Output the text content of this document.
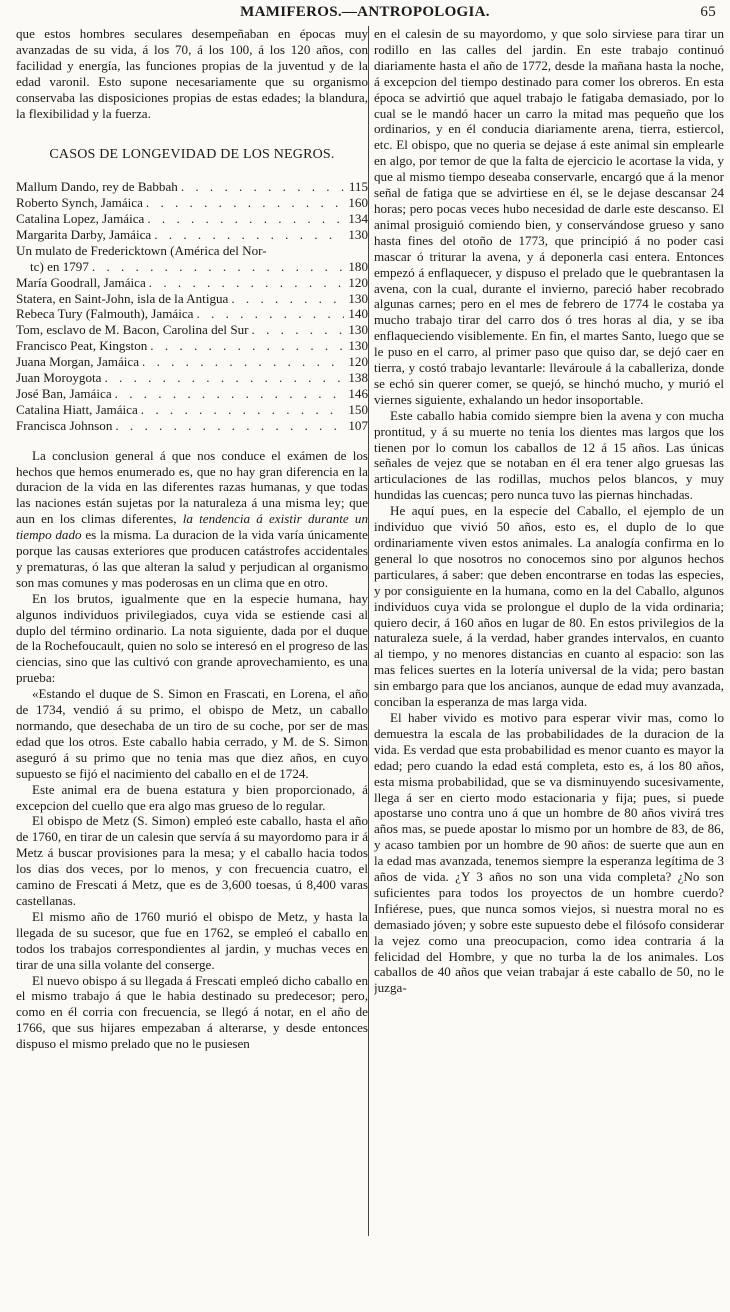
MAMIFEROS.—ANTROPOLOGIA.	65

que estos hombres seculares desempeñaban en épocas muy avanzadas de su vida, á los 70, á los 100, á los 120 años, con facilidad y energía, las funciones propias de la juventud y de la edad varonil. Esto supone necesariamente que su organismo conservaba las disposiciones propias de estas edades; la blandura, la flexibilidad y la fuerza.

CASOS DE LONGEVIDAD DE LOS NEGROS.
Mallum Dando, rey de Babbah . . .	115
Roberto Synch, Jamáica . . .	160
Catalina Lopez, Jamáica . . .	134
Margarita Darby, Jamáica . . .	130
Un mulato de Fredericktown (América del Nor-
tc) en 1797 . . .	180
María Goodrall, Jamáica . . .	120
Statera, en Saint-John, isla de la Antigua . . .	130
Rebeca Tury (Falmouth), Jamáica . . .	140
Tom, esclavo de M. Bacon, Carolina del Sur . . .	130
Francisco Peat, Kingston . . .	130
Juana Morgan, Jamáica . . .	120
Juan Moroygota . . .	138
José Ban, Jamáica . . .	146
Catalina Hiatt, Jamáica . . .	150
Francisca Johnson . . .	107

La conclusion general á que nos conduce el exámen de los hechos que hemos enumerado es, que no hay gran diferencia en la duracion de la vida en las diferentes razas humanas, y que todas las naciones están sujetas por la naturaleza á una misma ley; que aun en los climas diferentes, la tendencia á existir durante un tiempo dado es la misma. La duracion de la vida varía únicamente porque las causas exteriores que producen catástrofes accidentales y prematuras, ó las que alteran la salud y perjudican al organismo son mas comunes y mas poderosas en un clima que en otro.

En los brutos, igualmente que en la especie humana, hay algunos individuos privilegiados, cuya vida se estiende casi al duplo del término ordinario. La nota siguiente, dada por el duque de la Rochefoucault, quien no solo se interesó en el progreso de las ciencias, sino que las cultivó con grande aprovechamiento, es una prueba:

«Estando el duque de S. Simon en Frascati, en Lorena, el año de 1734, vendió á su primo, el obispo de Metz, un caballo normando, que desechaba de un tiro de su coche, por ser de mas edad que los otros. Este caballo habia cerrado, y M. de S. Simon aseguró á su primo que no tenia mas que diez años, en cuyo supuesto se fijó el nacimiento del caballo en el de 1724.

Este animal era de buena estatura y bien proporcionado, á excepcion del cuello que era algo mas grueso de lo regular.

El obispo de Metz (S. Simon) empleó este caballo, hasta el año de 1760, en tirar de un calesin que servía á su mayordomo para ir á Metz á buscar provisiones para la mesa; y el caballo hacia todos los dias dos veces, por lo menos, y con frecuencia cuatro, el camino de Frescati á Metz, que es de 3,600 toesas, ú 8,400 varas castellanas.

El mismo año de 1760 murió el obispo de Metz, y hasta la llegada de su sucesor, que fue en 1762, se empleó el caballo en todos los trabajos correspondientes al jardin, y muchas veces en tirar de una silla volante del conserge.

El nuevo obispo á su llegada á Frescati empleó dicho caballo en el mismo trabajo á que le habia destinado su predecesor; pero, como en él corria con frecuencia, se llegó á notar, en el año de 1766, que sus hijares empezaban á alterarse, y desde entonces dispuso el mismo prelado que no le pusiesen

en el calesin de su mayordomo, y que solo sirviese para tirar un rodillo en las calles del jardin. En este trabajo continuó diariamente hasta el año de 1772, desde la mañana hasta la noche, á excepcion del tiempo destinado para comer los obreros. En esta época se advirtió que aquel trabajo le fatigaba demasiado, por lo cual se le mandó hacer un carro la mitad mas pequeño que los ordinarios, y en él conducia diariamente arena, tierra, estiercol, etc. El obispo, que no queria se dejase á este animal sin emplearle en algo, por temor de que la falta de ejercicio le acortase la vida, y que al mismo tiempo deseaba conservarle, encargó que á la menor señal de fatiga que se advirtiese en él, se le dejase descansar 24 horas; pero pocas veces hubo necesidad de darle este descanso. El animal prosiguió comiendo bien, y conservándose grueso y sano hasta fines del otoño de 1773, que principió á no poder casi mascar ó triturar la avena, y á deponerla casi entera. Entonces empezó á enflaquecer, y dispuso el prelado que le quebrantasen la avena, con la cual, durante el invierno, pareció haber recobrado algunas carnes; pero en el mes de febrero de 1774 le costaba ya mucho trabajo tirar del carro dos ó tres horas al dia, y se iba enflaqueciendo visiblemente. En fin, el martes Santo, luego que se le puso en el carro, al primer paso que quiso dar, se dejó caer en tierra, y costó trabajo levantarle: llevároule á la caballeriza, donde se echó sin querer comer, se quejó, se hinchó mucho, y murió el viernes siguiente, exhalando un hedor insoportable.

Este caballo habia comido siempre bien la avena y con mucha prontitud, y á su muerte no tenia los dientes mas largos que los tienen por lo comun los caballos de 12 á 15 años. Las únicas señales de vejez que se notaban en él era tener algo gruesas las articulaciones de las rodillas, muchos pelos blancos, y muy hundidas las cuencas; pero nunca tuvo las piernas hinchadas.

He aquí pues, en la especie del Caballo, el ejemplo de un individuo que vivió 50 años, esto es, el duplo de lo que ordinariamente viven estos animales. La analogía confirma en lo general lo que nosotros no conocemos sino por algunos hechos particulares, á saber: que deben encontrarse en todas las especies, y por consiguiente en la humana, como en la del Caballo, algunos individuos cuya vida se prolongue el duplo de la vida ordinaria; quiero decir, á 160 años en lugar de 80. En estos privilegios de la naturaleza suele, á la verdad, haber grandes intervalos, en cuanto al tiempo, y no menores distancias en cuanto al espacio: son las mas felices suertes en la lotería universal de la vida; pero bastan sin embargo para que los ancianos, aunque de edad muy avanzada, conciban la esperanza de mas larga vida.

El haber vivido es motivo para esperar vivir mas, como lo demuestra la escala de las probabilidades de la duracion de la vida. Es verdad que esta probabilidad es menor cuanto es mayor la edad; pero cuando la edad está completa, esto es, á los 80 años, esta misma probabilidad, que se va disminuyendo sucesivamente, llega á ser en cierto modo estacionaria y fija; pues, si puede apostarse uno contra uno á que un hombre de 80 años vivirá tres años mas, se puede apostar lo mismo por un hombre de 83, de 86, y acaso tambien por un hombre de 90 años: de suerte que aun en la edad mas avanzada, tenemos siempre la esperanza legítima de 3 años de vida. ¿Y 3 años no son una vida completa? ¿No son suficientes para todos los proyectos de un hombre cuerdo? Infiérese, pues, que nunca somos viejos, si nuestra moral no es demasiado jóven; y sobre este supuesto debe el filósofo considerar la vejez como una preocupacion, como idea contraria á la felicidad del Hombre, y que no turba la de los animales. Los caballos de 40 años que veian trabajar á este caballo de 50, no le juzga-
